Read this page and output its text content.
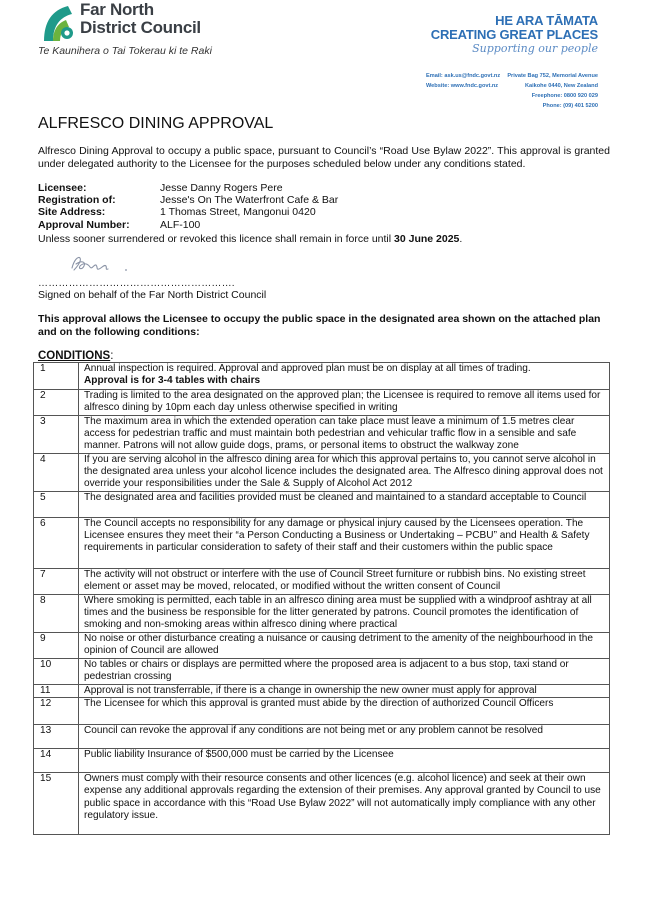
Far North
District Council
Te Kaunihera o Tai Tokerau ki te Raki
HE ARA TĀMATA
CREATING GREAT PLACES
Supporting our people
Email: ask.us@fndc.govt.nz
Website: www.fndc.govt.nz
Private Bag 752, Memorial Avenue
Kaikohe 0440, New Zealand
Freephone: 0800 920 029
Phone: (09) 401 5200
ALFRESCO DINING APPROVAL
Alfresco Dining Approval to occupy a public space, pursuant to Council’s “Road Use Bylaw 2022”. This approval is granted under delegated authority to the Licensee for the purposes scheduled below under any conditions stated.
Licensee:	Jesse Danny Rogers Pere
Registration of:	Jesse's On The Waterfront Cafe & Bar
Site Address:	1 Thomas Street, Mangonui 0420
Approval Number:	ALF-100
Unless sooner surrendered or revoked this licence shall remain in force until 30 June 2025.
………………………………………………….
Signed on behalf of the Far North District Council
This approval allows the Licensee to occupy the public space in the designated area shown on the attached plan and on the following conditions:
CONDITIONS:
1	Annual inspection is required. Approval and approved plan must be on display at all times of trading.
Approval is for 3-4 tables with chairs

2	Trading is limited to the area designated on the approved plan; the Licensee is required to remove all items used for alfresco dining by 10pm each day unless otherwise specified in writing
3	The maximum area in which the extended operation can take place must leave a minimum of 1.5 metres clear access for pedestrian traffic and must maintain both pedestrian and vehicular traffic flow in a sensible and safe manner. Patrons will not allow guide dogs, prams, or personal items to obstruct the walkway zone
4	If you are serving alcohol in the alfresco dining area for which this approval pertains to, you cannot serve alcohol in the designated area unless your alcohol licence includes the designated area. The Alfresco dining approval does not override your responsibilities under the Sale & Supply of Alcohol Act 2012
5	The designated area and facilities provided must be cleaned and maintained to a standard acceptable to Council
6	The Council accepts no responsibility for any damage or physical injury caused by the Licensees operation. The Licensee ensures they meet their “a Person Conducting a Business or Undertaking – PCBU” and Health & Safety requirements in particular consideration to safety of their staff and their customers within the public space
7	The activity will not obstruct or interfere with the use of Council Street furniture or rubbish bins. No existing street element or asset may be moved, relocated, or modified without the written consent of Council
8	Where smoking is permitted, each table in an alfresco dining area must be supplied with a windproof ashtray at all times and the business be responsible for the litter generated by patrons. Council promotes the identification of smoking and non-smoking areas within alfresco dining where practical
9	No noise or other disturbance creating a nuisance or causing detriment to the amenity of the neighbourhood in the opinion of Council are allowed
10	No tables or chairs or displays are permitted where the proposed area is adjacent to a bus stop, taxi stand or pedestrian crossing
11	Approval is not transferrable, if there is a change in ownership the new owner must apply for approval
12	The Licensee for which this approval is granted must abide by the direction of authorized Council Officers
13	Council can revoke the approval if any conditions are not being met or any problem cannot be resolved
14	Public liability Insurance of $500,000 must be carried by the Licensee
15	Owners must comply with their resource consents and other licences (e.g. alcohol licence) and seek at their own expense any additional approvals regarding the extension of their premises. Any approval granted by Council to use public space in accordance with this “Road Use Bylaw 2022” will not automatically imply compliance with any other regulatory issue.
